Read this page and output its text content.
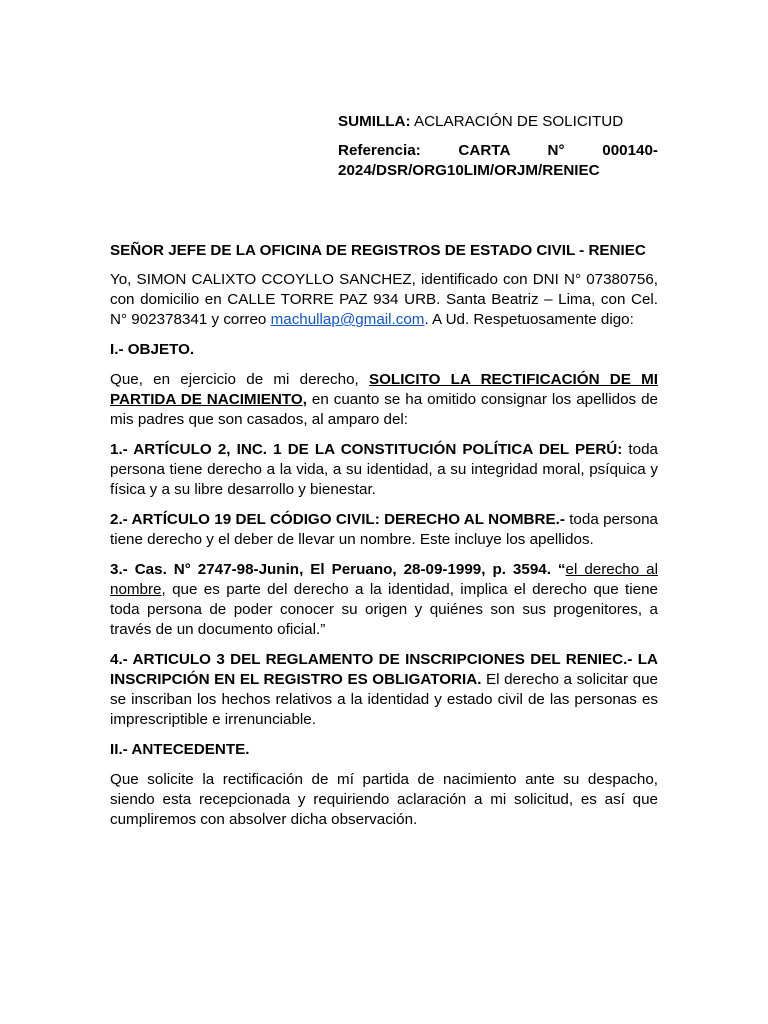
SUMILLA: ACLARACIÓN DE SOLICITUD

Referencia: CARTA N° 000140-2024/DSR/ORG10LIM/ORJM/RENIEC

SEÑOR JEFE DE LA OFICINA DE REGISTROS DE ESTADO CIVIL - RENIEC

Yo, SIMON CALIXTO CCOYLLO SANCHEZ, identificado con DNI N° 07380756, con domicilio en CALLE TORRE PAZ 934 URB. Santa Beatriz – Lima, con Cel. N° 902378341 y correo machullap@gmail.com. A Ud. Respetuosamente digo:

I.- OBJETO.

Que, en ejercicio de mi derecho, SOLICITO LA RECTIFICACIÓN DE MI PARTIDA DE NACIMIENTO, en cuanto se ha omitido consignar los apellidos de mis padres que son casados, al amparo del:

1.- ARTÍCULO 2, INC. 1 DE LA CONSTITUCIÓN POLÍTICA DEL PERÚ: toda persona tiene derecho a la vida, a su identidad, a su integridad moral, psíquica y física y a su libre desarrollo y bienestar.

2.- ARTÍCULO 19 DEL CÓDIGO CIVIL: DERECHO AL NOMBRE.- toda persona tiene derecho y el deber de llevar un nombre. Este incluye los apellidos.

3.- Cas. N° 2747-98-Junin, El Peruano, 28-09-1999, p. 3594. “el derecho al nombre, que es parte del derecho a la identidad, implica el derecho que tiene toda persona de poder conocer su origen y quiénes son sus progenitores, a través de un documento oficial.”

4.- ARTICULO 3 DEL REGLAMENTO DE INSCRIPCIONES DEL RENIEC.- LA INSCRIPCIÓN EN EL REGISTRO ES OBLIGATORIA. El derecho a solicitar que se inscriban los hechos relativos a la identidad y estado civil de las personas es imprescriptible e irrenunciable.

II.- ANTECEDENTE.

Que solicite la rectificación de mí partida de nacimiento ante su despacho, siendo esta recepcionada y requiriendo aclaración a mi solicitud, es así que cumpliremos con absolver dicha observación.
